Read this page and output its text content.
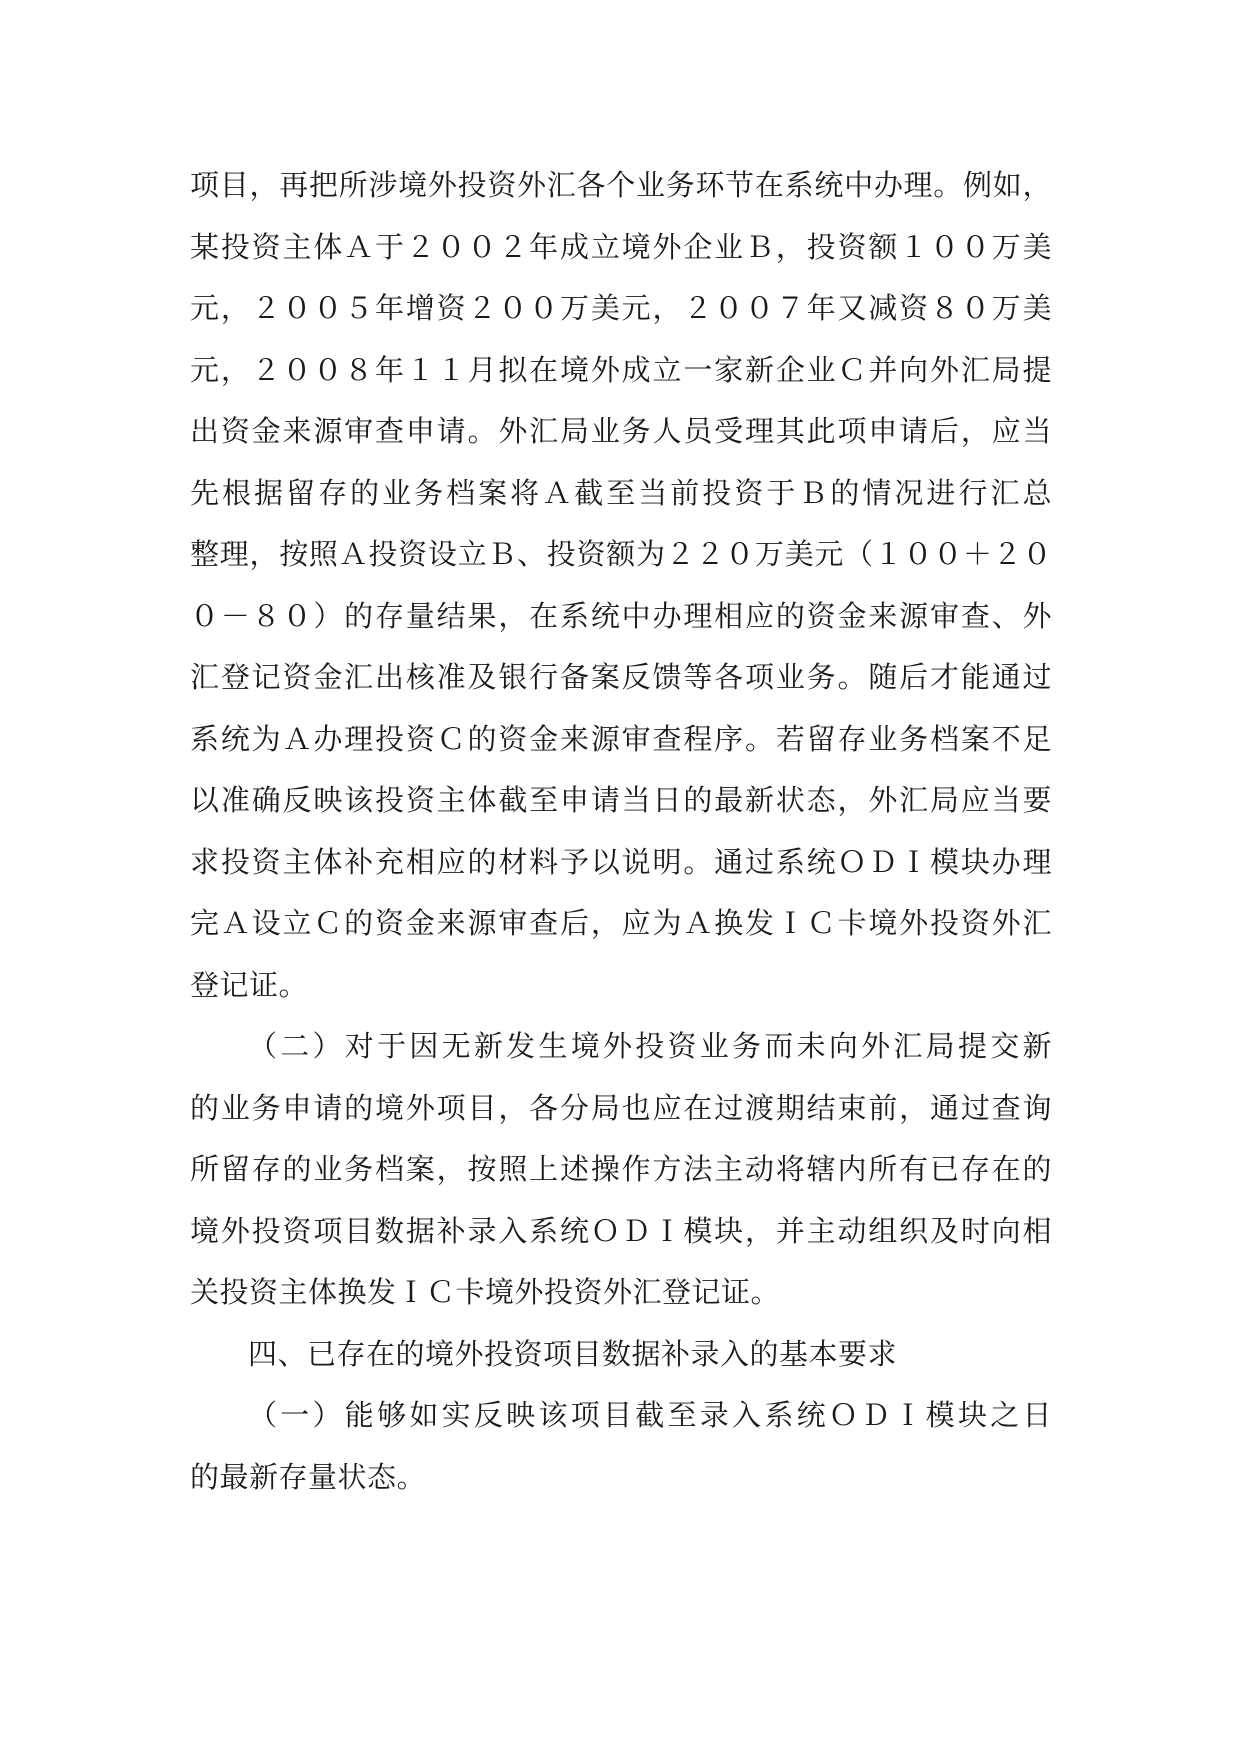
项目，再把所涉境外投资外汇各个业务环节在系统中办理。例如，
某投资主体Ａ于２００２年成立境外企业Ｂ，投资额１００万美
元，２００５年增资２００万美元，２００７年又减资８０万美
元，２００８年１１月拟在境外成立一家新企业Ｃ并向外汇局提
出资金来源审查申请。外汇局业务人员受理其此项申请后，应当
先根据留存的业务档案将Ａ截至当前投资于Ｂ的情况进行汇总
整理，按照Ａ投资设立Ｂ、投资额为２２０万美元（１００＋２０
０－８０）的存量结果，在系统中办理相应的资金来源审查、外
汇登记资金汇出核准及银行备案反馈等各项业务。随后才能通过
系统为Ａ办理投资Ｃ的资金来源审查程序。若留存业务档案不足
以准确反映该投资主体截至申请当日的最新状态，外汇局应当要
求投资主体补充相应的材料予以说明。通过系统ＯＤＩ模块办理
完Ａ设立Ｃ的资金来源审查后，应为Ａ换发ＩＣ卡境外投资外汇
登记证。
（二）对于因无新发生境外投资业务而未向外汇局提交新
的业务申请的境外项目，各分局也应在过渡期结束前，通过查询
所留存的业务档案，按照上述操作方法主动将辖内所有已存在的
境外投资项目数据补录入系统ＯＤＩ模块，并主动组织及时向相
关投资主体换发ＩＣ卡境外投资外汇登记证。
四、已存在的境外投资项目数据补录入的基本要求
（一）能够如实反映该项目截至录入系统ＯＤＩ模块之日
的最新存量状态。
